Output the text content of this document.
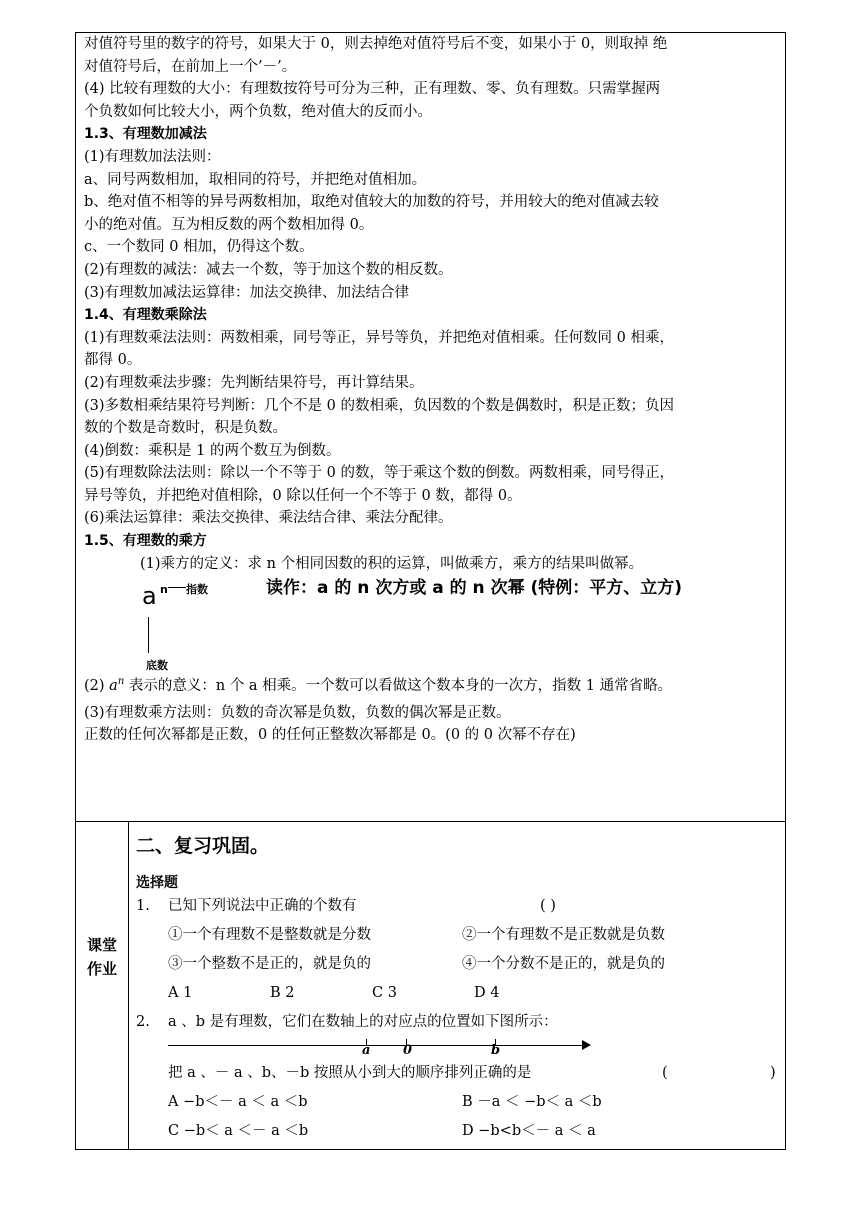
对值符号里的数字的符号，如果大于 0，则去掉绝对值符号后不变，如果小于 0，则取掉 绝
对值符号后，在前加上一个’－’。
(4) 比较有理数的大小：有理数按符号可分为三种，正有理数、零、负有理数。只需掌握两
个负数如何比较大小，两个负数，绝对值大的反而小。
1.3、有理数加减法
(1)有理数加法法则：
a、同号两数相加，取相同的符号，并把绝对值相加。
b、绝对值不相等的异号两数相加，取绝对值较大的加数的符号，并用较大的绝对值减去较
小的绝对值。互为相反数的两个数相加得 0。
c、一个数同 0 相加，仍得这个数。
(2)有理数的减法：减去一个数，等于加这个数的相反数。
(3)有理数加减法运算律：加法交换律、加法结合律
1.4、有理数乘除法
(1)有理数乘法法则：两数相乘，同号等正，异号等负，并把绝对值相乘。任何数同 0 相乘，
都得 0。
(2)有理数乘法步骤：先判断结果符号，再计算结果。
(3)多数相乘结果符号判断：几个不是 0 的数相乘，负因数的个数是偶数时，积是正数；负因
数的个数是奇数时，积是负数。
(4)倒数：乘积是 1 的两个数互为倒数。
(5)有理数除法法则：除以一个不等于 0 的数，等于乘这个数的倒数。两数相乘，同号得正，
异号等负，并把绝对值相除，0 除以任何一个不等于 0 数，都得 0。
(6)乘法运算律：乘法交换律、乘法结合律、乘法分配律。
1.5、有理数的乘方
(1)乘方的定义：求 n 个相同因数的积的运算，叫做乘方，乘方的结果叫做幂。
a n 指数
底数
读作：a 的 n 次方或 a 的 n 次幂 (特例：平方、立方)
(2) $a^n$ 表示的意义：n 个 a 相乘。一个数可以看做这个数本身的一次方，指数 1 通常省略。
(3)有理数乘方法则：负数的奇次幂是负数，负数的偶次幂是正数。
正数的任何次幂都是正数，0 的任何正整数次幂都是 0。(0 的 0 次幂不存在)
课堂
作业
二、复习巩固。
选择题
1. 已知下列说法中正确的个数有	( )
①一个有理数不是整数就是分数	②一个有理数不是正数就是负数
③一个整数不是正的，就是负的	④一个分数不是正的，就是负的
A 1	B 2	C 3	D 4
2. a 、b 是有理数，它们在数轴上的对应点的位置如下图所示：
a	0	b
把 a 、－ a 、b、－b 按照从小到大的顺序排列正确的是	(	)
A −b＜－ a ＜ a ＜b	B －a ＜ −b＜ a ＜b
C −b＜ a ＜－ a ＜b	D −b<b＜－ a ＜ a
